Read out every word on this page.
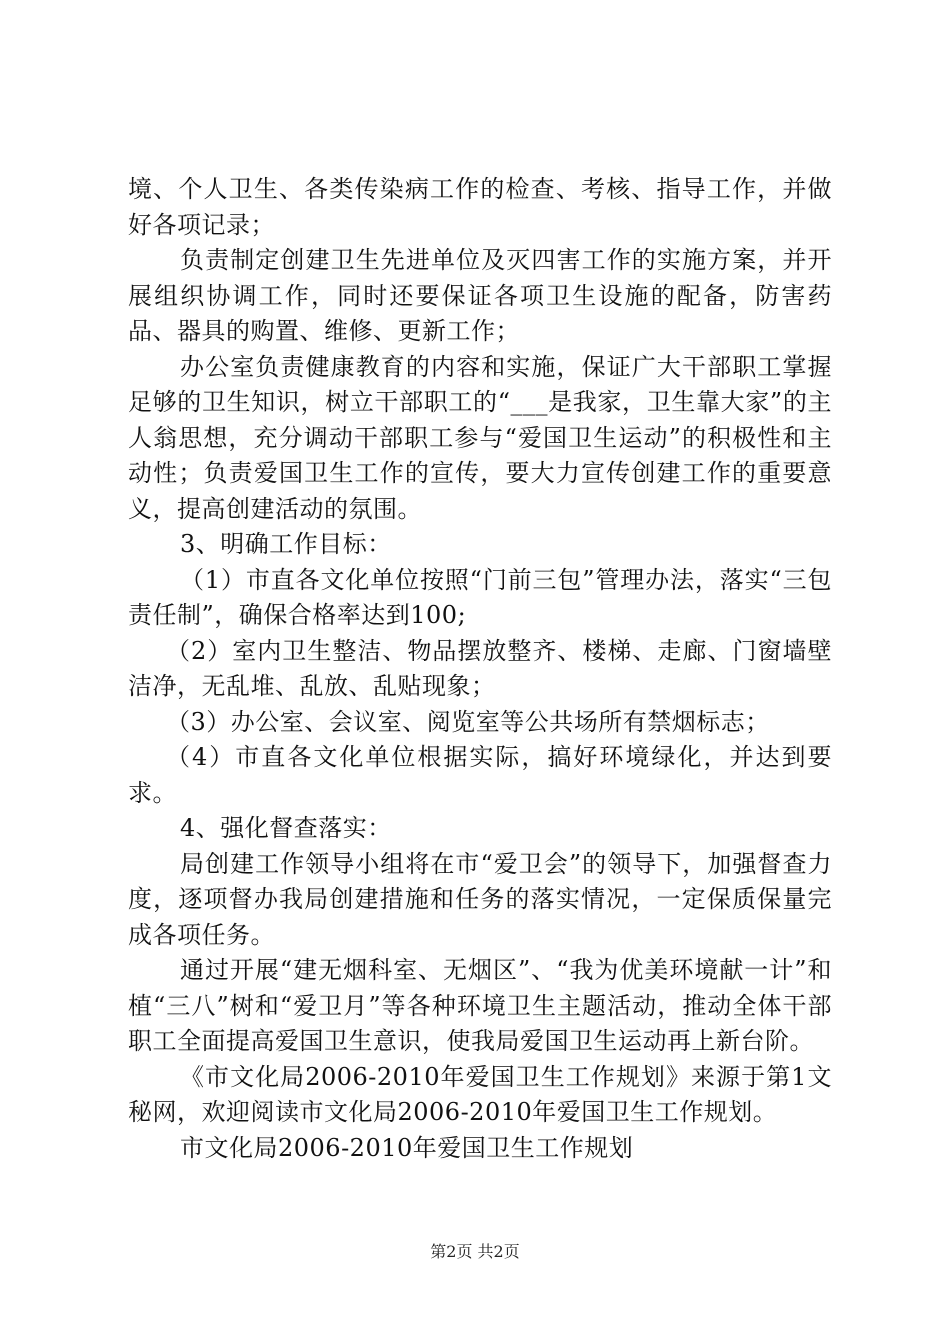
境、个人卫生、各类传染病工作的检查、考核、指导工作，并做好各项记录；

负责制定创建卫生先进单位及灭四害工作的实施方案，并开展组织协调工作，同时还要保证各项卫生设施的配备，防害药品、器具的购置、维修、更新工作；

办公室负责健康教育的内容和实施，保证广大干部职工掌握足够的卫生知识，树立干部职工的“___是我家，卫生靠大家”的主人翁思想，充分调动干部职工参与“爱国卫生运动”的积极性和主动性；负责爱国卫生工作的宣传，要大力宣传创建工作的重要意义，提高创建活动的氛围。

3、明确工作目标：

（1）市直各文化单位按照“门前三包”管理办法，落实“三包责任制”，确保合格率达到100;

（2）室内卫生整洁、物品摆放整齐、楼梯、走廊、门窗墙壁洁净，无乱堆、乱放、乱贴现象；

（3）办公室、会议室、阅览室等公共场所有禁烟标志；

（4）市直各文化单位根据实际，搞好环境绿化，并达到要求。

4、强化督查落实：

局创建工作领导小组将在市“爱卫会”的领导下，加强督查力度，逐项督办我局创建措施和任务的落实情况，一定保质保量完成各项任务。

通过开展“建无烟科室、无烟区”、“我为优美环境献一计”和植“三八”树和“爱卫月”等各种环境卫生主题活动，推动全体干部职工全面提高爱国卫生意识，使我局爱国卫生运动再上新台阶。

《市文化局2006-2010年爱国卫生工作规划》来源于第1文秘网，欢迎阅读市文化局2006-2010年爱国卫生工作规划。

市文化局2006-2010年爱国卫生工作规划

第2页 共2页
